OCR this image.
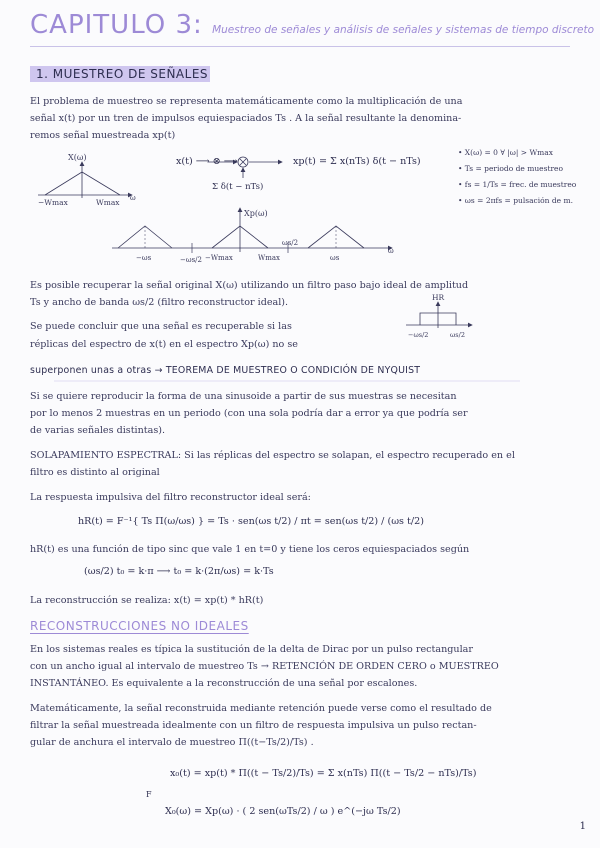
CAPITULO 3: Muestreo de señales y análisis de señales y sistemas de tiempo discreto
1. MUESTREO DE SEÑALES
El problema de muestreo se representa matemáticamente como la multiplicación de una
señal x(t) por un tren de impulsos equiespaciados Ts . A la señal resultante la denomina-
remos señal muestreada xp(t)
X(ω)
−Wmax	Wmax ω
Xp(ω)
−ωs	−ωs/2 −Wmax	Wmax
ωs/2
ωs
ω
HR
−ωs/2	ωs/2
x(t) ⟶ ⊗ ⟶	xp(t) = Σ x(nTs) δ(t − nTs)
Σ δ(t − nTs)
• X(ω) = 0 ∀ |ω| > Wmax
• Ts = periodo de muestreo
• fs = 1/Ts = frec. de muestreo
• ωs = 2πfs = pulsación de m.
Es posible recuperar la señal original X(ω) utilizando un filtro paso bajo ideal de amplitud
Ts y ancho de banda ωs/2 (filtro reconstructor ideal).
Se puede concluir que una señal es recuperable si las
réplicas del espectro de x(t) en el espectro Xp(ω) no se
superponen unas a otras → TEOREMA DE MUESTREO O CONDICIÓN DE NYQUIST
Si se quiere reproducir la forma de una sinusoide a partir de sus muestras se necesitan
por lo menos 2 muestras en un periodo (con una sola podría dar a error ya que podría ser
de varias señales distintas).
SOLAPAMIENTO ESPECTRAL: Si las réplicas del espectro se solapan, el espectro recuperado en el
filtro es distinto al original
La respuesta impulsiva del filtro reconstructor ideal será:
hR(t) = F⁻¹{ Ts Π(ω/ωs) } = Ts · sen(ωs t/2) / πt = sen(ωs t/2) / (ωs t/2)
hR(t) es una función de tipo sinc que vale 1 en t=0 y tiene los ceros equiespaciados según
(ωs/2) t₀ = k·π ⟶ t₀ = k·(2π/ωs) = k·Ts
La reconstrucción se realiza: x(t) = xp(t) * hR(t)
RECONSTRUCCIONES NO IDEALES
En los sistemas reales es típica la sustitución de la delta de Dirac por un pulso rectangular
con un ancho igual al intervalo de muestreo Ts → RETENCIÓN DE ORDEN CERO o MUESTREO
INSTANTÁNEO. Es equivalente a la reconstrucción de una señal por escalones.
Matemáticamente, la señal reconstruida mediante retención puede verse como el resultado de
filtrar la señal muestreada idealmente con un filtro de respuesta impulsiva un pulso rectan-
gular de anchura el intervalo de muestreo Π((t−Ts/2)/Ts) .
x₀(t) = xp(t) * Π((t − Ts/2)/Ts) = Σ x(nTs) Π((t − Ts/2 − nTs)/Ts)
F
X₀(ω) = Xp(ω) · ( 2 sen(ωTs/2) / ω ) e^(−jω Ts/2)
1
